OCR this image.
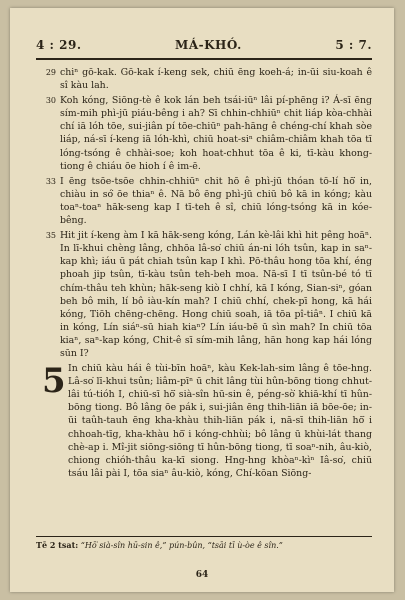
4 : 29.	MÁ-KHÓ.	5 : 7.
29 chiⁿ gō-kak. Gō-kak í-keng sek, chiū ēng koeh-á; in-ūi siu-koah ê sî kàu lah.
30 Koh kóng, Siōng-tè ê kok lán beh tsái-iūⁿ lâi pí-phēng i? Á-sī ēng sím-mih phì-jū piáu-bêng i ah? Sī chhin-chhiūⁿ chit liáp kòa-chhài chí iā lóh tōe, sui-jiân pí tōe-chiūⁿ pah-hāng ê chéng-chí khah sòe liáp, ná-sī í-keng iā lóh-khì, chiū hoat-siⁿ chiâm-chiâm khah tōa tī lóng-tsóng ê chhài-soe; koh hoat-chhut tōa ê ki, tī-kàu khong-tiong ê chiáu ōe hioh í ê im-ē.
33 I ēng tsōe-tsōe chhin-chhiūⁿ chit hō ê phì-jū thóan tō-lí hō͘ in, chiàu in só͘ ōe thiaⁿ ê. Nā bô ēng phì-jū chiū bô kā in kóng; kàu toaⁿ-toaⁿ hāk-seng kap I tī-teh ê sî, chiū lóng-tsóng kā in kóe-bêng.
35 Hit jit í-keng àm I kā hāk-seng kóng, Lán kè-lâi khì hit pêng hoāⁿ. In lī-khui chèng lâng, chhōa lâ-so͘ chiū án-ni lóh tsûn, kap in saⁿ-kap khì; iáu ū pát chiah tsûn kap I khì. Pō-thâu hong tōa khí, éng phoah jip tsûn, tī-kàu tsûn teh-beh moa. Nā-sī I tī tsûn-bé tó tī chím-thâu teh khùn; hāk-seng kiò I chhí, kā I kóng, Sian-siⁿ, góan beh bô mih, lí bô iàu-kín mah? I chiū chhí, chek-pī hong, kā hái kóng, Tiōh chēng-chēng. Hong chiū soah, iā tōa pî-tiâⁿ. I chiū kā in kóng, Lín siáⁿ-sū hiah kiaⁿ? Lín iáu-bē ū sìn mah? In chiū tōa kiaⁿ, saⁿ-kap kóng, Chit-ê sī sím-mih lâng, hān hong kap hái lóng sūn I?
5 In chiū kàu hái ê tùi-bīn hoāⁿ, kàu Kek-lah-sim lâng ê tōe-hng. Lâ-so͘ lī-khui tsûn; liâm-pīⁿ ū chit lâng tùi hûn-bōng tiong chhut-lâi tú-tióh I, chiū-sī hō͘ sià-sîn hū-sin ê, péng-sò͘ khiā-khí tī hûn-bōng tiong. Bô lâng ōe pák i, sui-jiân ēng thih-liān iā bōe-ōe; in-ūi taûh-tauh ēng kha-khàu thih-liān pák i, nā-sī thih-liān hō͘ i chhoah-tīg, kha-khàu hō͘ i kóng-chhùi; bô lâng ū khùi-lát thang chè-ap i. Mî-jit siōng-siōng tī hûn-bōng tiong, tī soaⁿ-nih, âu-kiò, chiong chióh-thâu ka-kī siong. Hng-hng khòaⁿ-kìⁿ Iâ-so͘, chiū tsáu lâi pài I, tōa siaⁿ âu-kiò, kóng, Chí-kōan Siōng-
Tē 2 tsat: “Hō͘ sià-sîn hū-sin ê,” pún-bûn, “tsāi tī ù-òe ê sîn.”
64
